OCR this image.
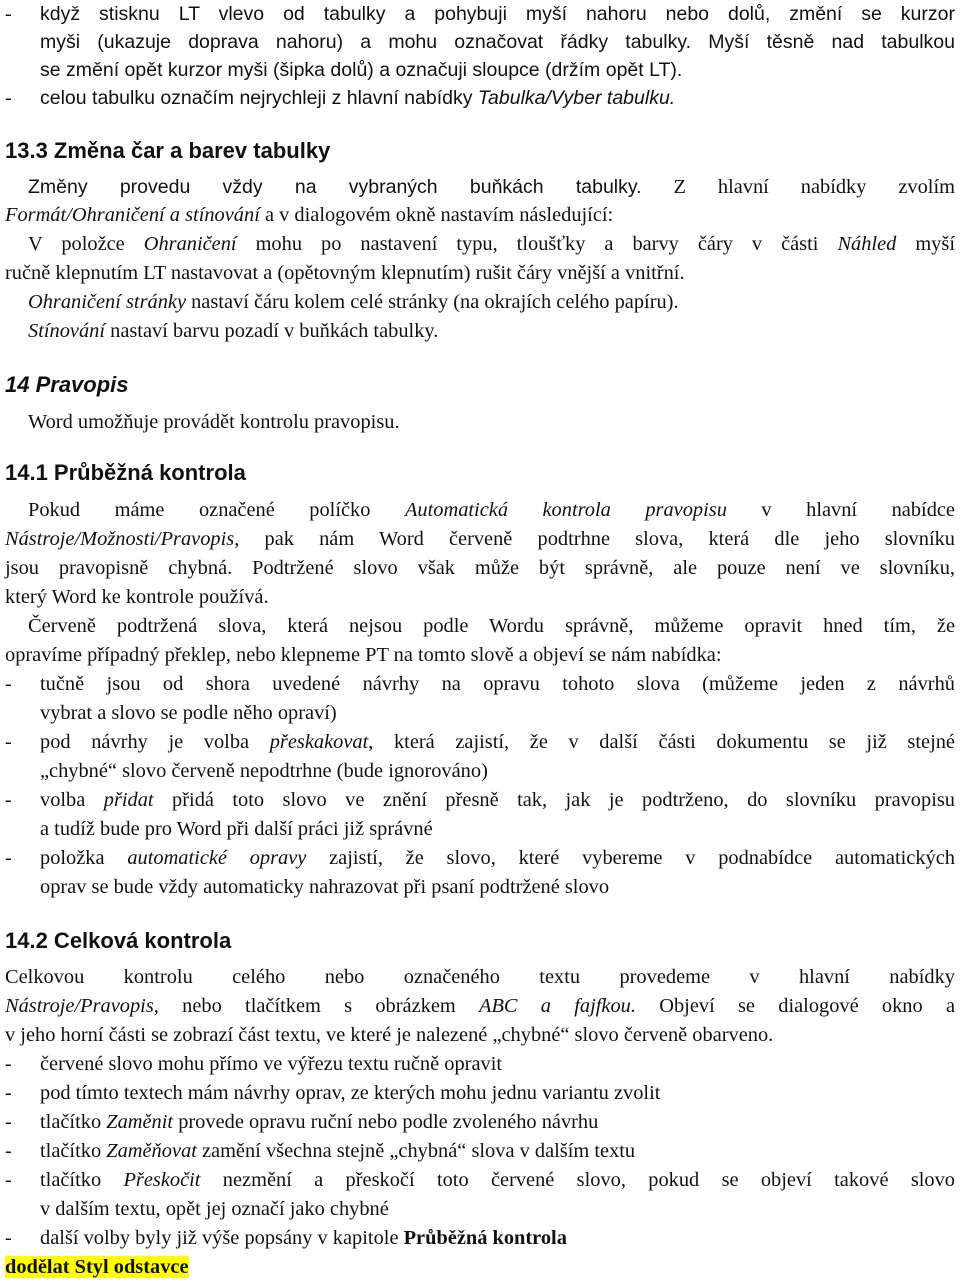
-	když stisknu LT vlevo od tabulky a pohybuji myší nahoru nebo dolů, změní se kurzor
myši (ukazuje doprava nahoru) a mohu označovat řádky tabulky. Myší těsně nad tabulkou
se změní opět kurzor myši (šipka dolů) a označuji sloupce (držím opět LT).
-	celou tabulku označím nejrychleji z hlavní nabídky Tabulka/Vyber tabulku.
13.3 Změna čar a barev tabulky
Změny provedu vždy na vybraných buňkách tabulky. Z hlavní nabídky zvolím
Formát/Ohraničení a stínování a v dialogovém okně nastavím následující:
V položce Ohraničení mohu po nastavení typu, tloušťky a barvy čáry v části Náhled myší
ručně klepnutím LT nastavovat a (opětovným klepnutím) rušit čáry vnější a vnitřní.
Ohraničení stránky nastaví čáru kolem celé stránky (na okrajích celého papíru).
Stínování nastaví barvu pozadí v buňkách tabulky.
14 Pravopis
Word umožňuje provádět kontrolu pravopisu.
14.1 Průběžná kontrola
Pokud máme označené políčko Automatická kontrola pravopisu v hlavní nabídce
Nástroje/Možnosti/Pravopis, pak nám Word červeně podtrhne slova, která dle jeho slovníku
jsou pravopisně chybná. Podtržené slovo však může být správně, ale pouze není ve slovníku,
který Word ke kontrole používá.
Červeně podtržená slova, která nejsou podle Wordu správně, můžeme opravit hned tím, že
opravíme případný překlep, nebo klepneme PT na tomto slově a objeví se nám nabídka:
-	tučně jsou od shora uvedené návrhy na opravu tohoto slova (můžeme jeden z návrhů
vybrat a slovo se podle něho opraví)
-	pod návrhy je volba přeskakovat, která zajistí, že v další části dokumentu se již stejné
„chybné“ slovo červeně nepodtrhne (bude ignorováno)
-	volba přidat přidá toto slovo ve znění přesně tak, jak je podtrženo, do slovníku pravopisu
a tudíž bude pro Word při další práci již správné
-	položka automatické opravy zajistí, že slovo, které vybereme v podnabídce automatických
oprav se bude vždy automaticky nahrazovat při psaní podtržené slovo
14.2 Celková kontrola
Celkovou kontrolu celého nebo označeného textu provedeme v hlavní nabídky
Nástroje/Pravopis, nebo tlačítkem s obrázkem ABC a fajfkou. Objeví se dialogové okno a
v jeho horní části se zobrazí část textu, ve které je nalezené „chybné“ slovo červeně obarveno.
-	červené slovo mohu přímo ve výřezu textu ručně opravit
-	pod tímto textech mám návrhy oprav, ze kterých mohu jednu variantu zvolit
-	tlačítko Zaměnit provede opravu ruční nebo podle zvoleného návrhu
-	tlačítko Zaměňovat zamění všechna stejně „chybná“ slova v dalším textu
-	tlačítko Přeskočit nezmění a přeskočí toto červené slovo, pokud se objeví takové slovo
v dalším textu, opět jej označí jako chybné
-	další volby byly již výše popsány v kapitole Průběžná kontrola
dodělat Styl odstavce
